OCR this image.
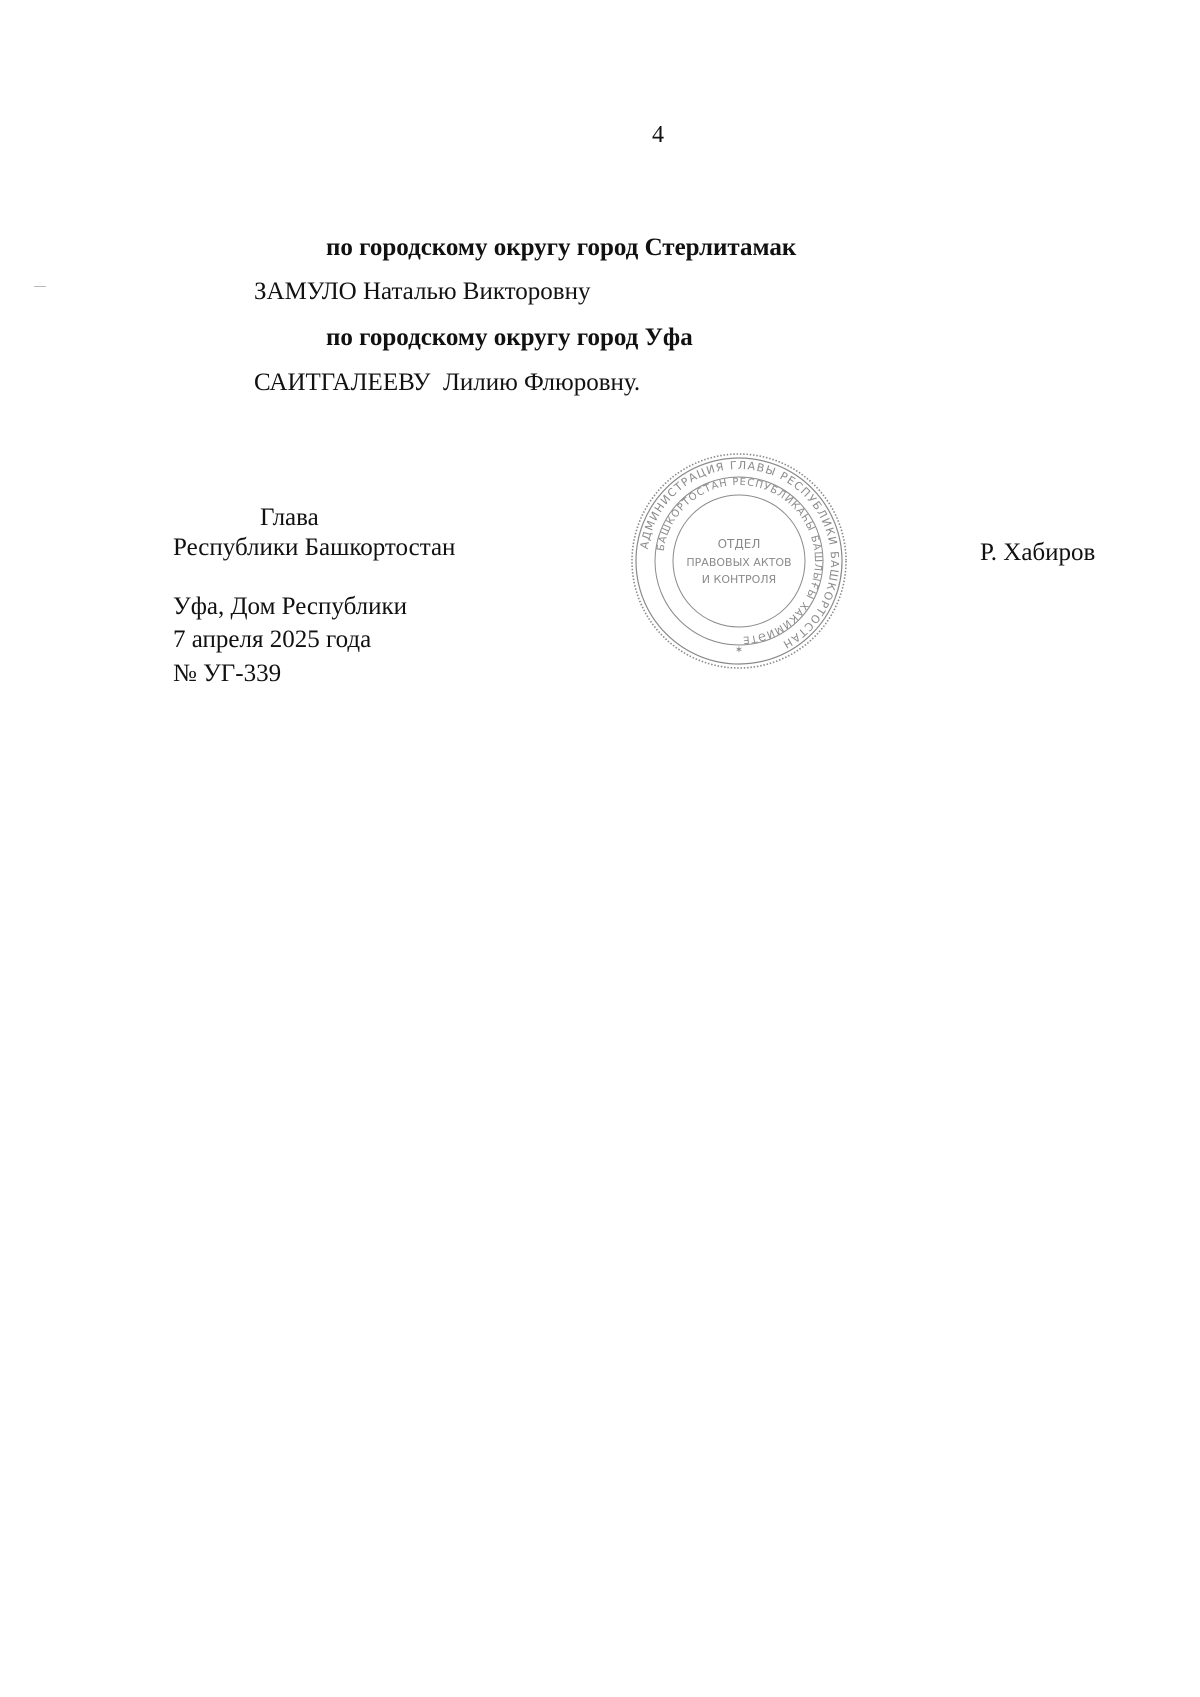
4
по городскому округу город Стерлитамак
ЗАМУЛО Наталью Викторовну
по городскому округу город Уфа
САИТГАЛЕЕВУ  Лилию Флюровну.
Глава
Республики Башкортостан	Р. Хабиров
Уфа, Дом Республики
7 апреля 2025 года
№ УГ-339
АДМИНИСТРАЦИЯ ГЛАВЫ РЕСПУБЛИКИ БАШКОРТОСТАН
БАШКОРТОСТАН РЕСПУБЛИКАҺЫ БАШЛЫҒЫ ХАКИМИӘТЕ
ОТДЕЛ
ПРАВОВЫХ АКТОВ
И КОНТРОЛЯ
✶
